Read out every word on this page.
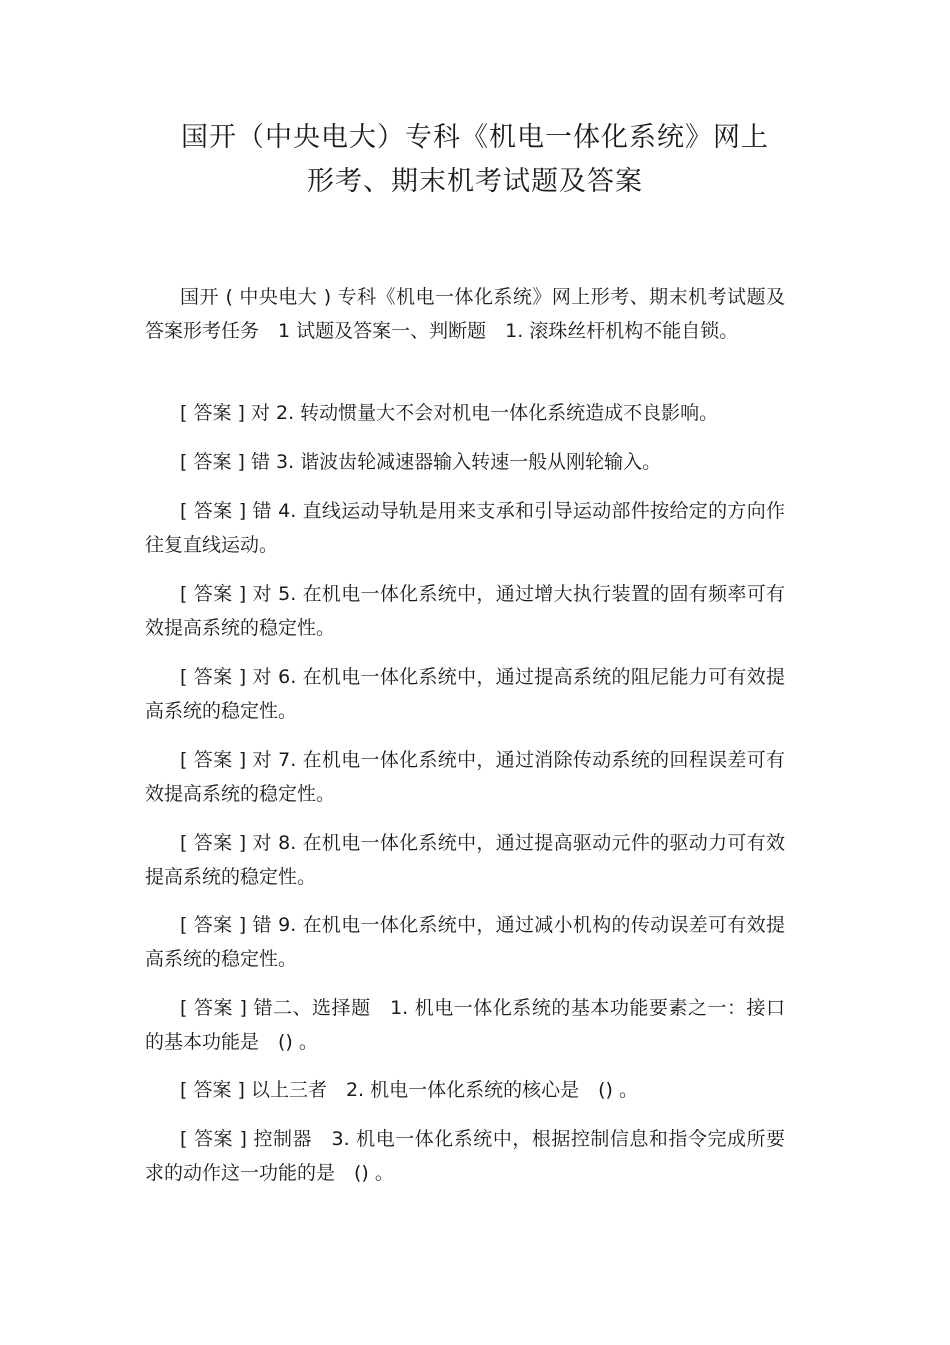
国开（中央电大）专科《机电一体化系统》网上
形考、期末机考试题及答案

国开 ( 中央电大 ) 专科《机电一体化系统》网上形考、期末机考试题及答案形考任务　1 试题及答案一、判断题　1. 滚珠丝杆机构不能自锁。

[ 答案 ] 对 2. 转动惯量大不会对机电一体化系统造成不良影响。

[ 答案 ] 错 3. 谐波齿轮减速器输入转速一般从刚轮输入。

[ 答案 ] 错 4. 直线运动导轨是用来支承和引导运动部件按给定的方向作往复直线运动。

[ 答案 ] 对 5. 在机电一体化系统中，通过增大执行装置的固有频率可有效提高系统的稳定性。

[ 答案 ] 对 6. 在机电一体化系统中，通过提高系统的阻尼能力可有效提高系统的稳定性。

[ 答案 ] 对 7. 在机电一体化系统中，通过消除传动系统的回程误差可有效提高系统的稳定性。

[ 答案 ] 对 8. 在机电一体化系统中，通过提高驱动元件的驱动力可有效提高系统的稳定性。

[ 答案 ] 错 9. 在机电一体化系统中，通过减小机构的传动误差可有效提高系统的稳定性。

[ 答案 ] 错二、选择题　1. 机电一体化系统的基本功能要素之一：接口的基本功能是　() 。

[ 答案 ] 以上三者　2. 机电一体化系统的核心是　() 。

[ 答案 ] 控制器　3. 机电一体化系统中，根据控制信息和指令完成所要求的动作这一功能的是　() 。
